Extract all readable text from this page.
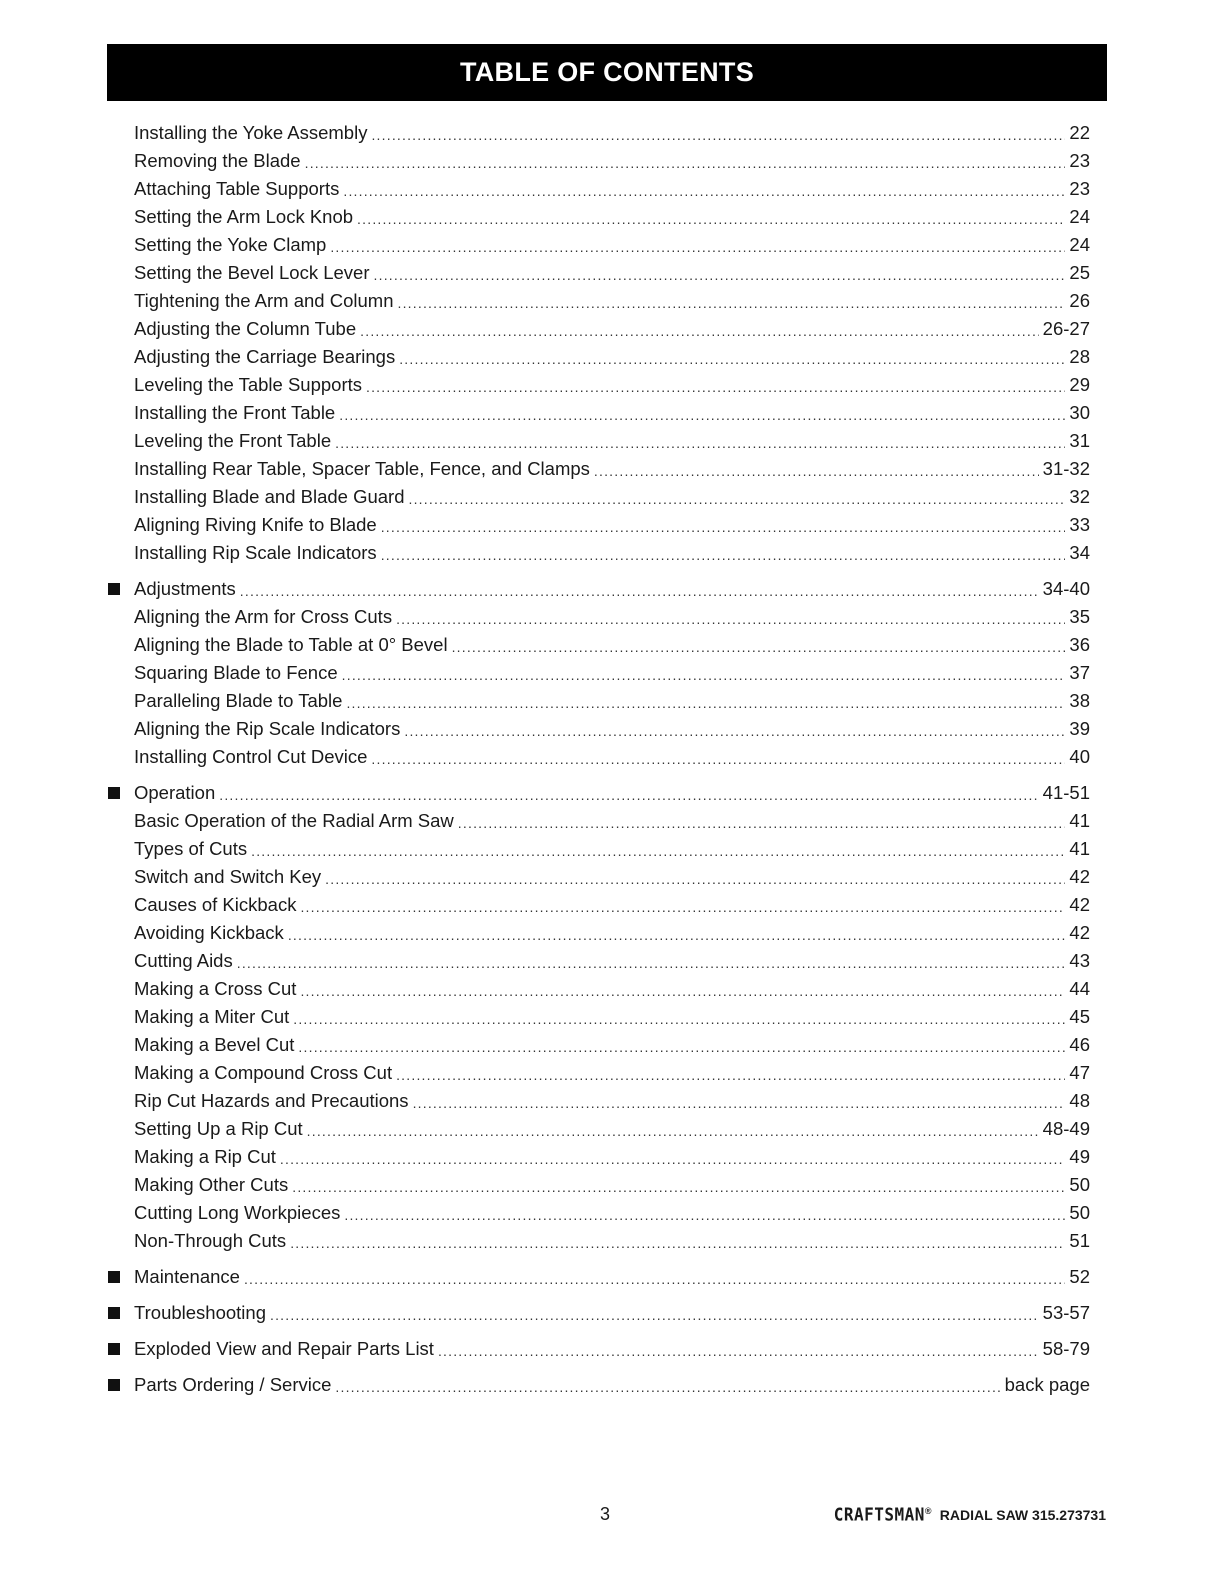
TABLE OF CONTENTS
Installing the Yoke Assembly .....	22
Removing the Blade .....	23
Attaching Table Supports .....	23
Setting the Arm Lock Knob .....	24
Setting the Yoke Clamp .....	24
Setting the Bevel Lock Lever .....	25
Tightening the Arm and Column .....	26
Adjusting the Column Tube .....	26-27
Adjusting the Carriage Bearings .....	28
Leveling the Table Supports .....	29
Installing the Front Table .....	30
Leveling the Front Table .....	31
Installing Rear Table, Spacer Table, Fence, and Clamps .....	31-32
Installing Blade and Blade Guard .....	32
Aligning Riving Knife to Blade .....	33
Installing Rip Scale Indicators .....	34
Adjustments .....	34-40
Aligning the Arm for Cross Cuts .....	35
Aligning the Blade to Table at 0° Bevel .....	36
Squaring Blade to Fence .....	37
Paralleling Blade to Table .....	38
Aligning the Rip Scale Indicators .....	39
Installing Control Cut Device .....	40
Operation .....	41-51
Basic Operation of the Radial Arm Saw .....	41
Types of Cuts .....	41
Switch and Switch Key .....	42
Causes of Kickback .....	42
Avoiding Kickback .....	42
Cutting Aids .....	43
Making a Cross Cut .....	44
Making a Miter Cut .....	45
Making a Bevel Cut .....	46
Making a Compound Cross Cut .....	47
Rip Cut Hazards and Precautions .....	48
Setting Up a Rip Cut .....	48-49
Making a Rip Cut .....	49
Making Other Cuts .....	50
Cutting Long Workpieces .....	50
Non-Through Cuts .....	51
Maintenance .....	52
Troubleshooting .....	53-57
Exploded View and Repair Parts List .....	58-79
Parts Ordering / Service .....	back page
3	CRAFTSMAN® RADIAL SAW 315.273731
